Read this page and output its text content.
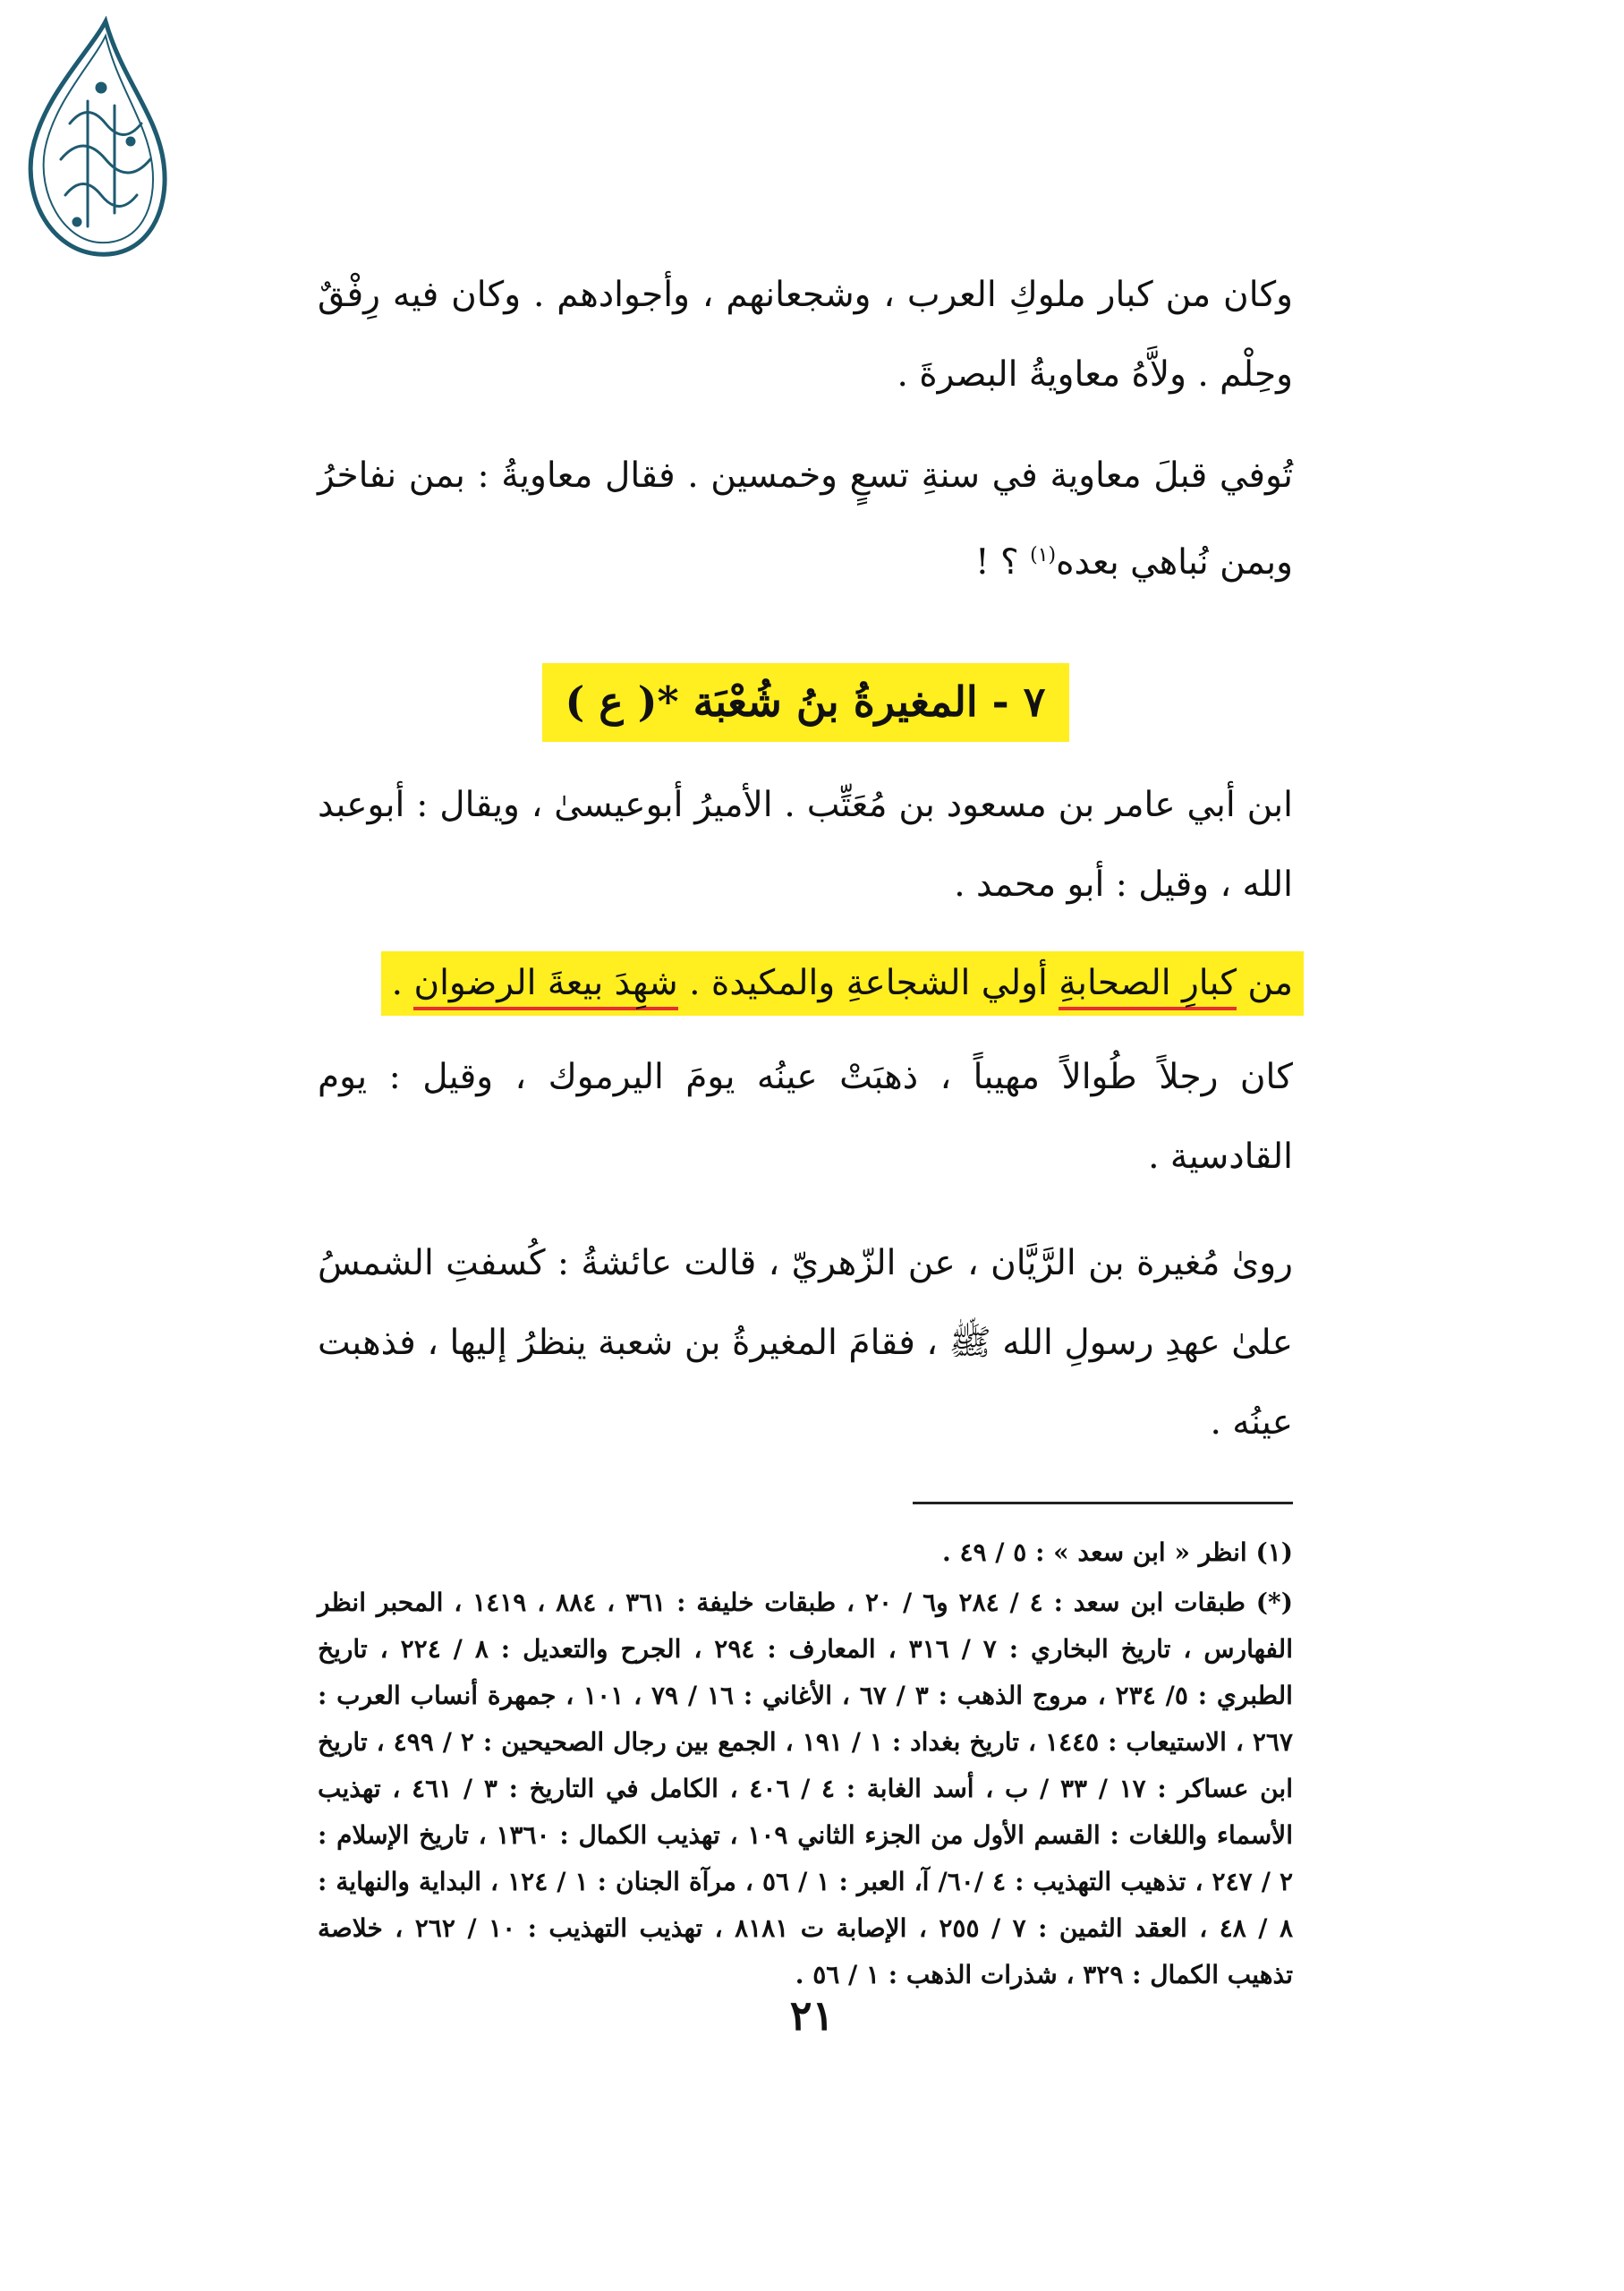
وكان من كبار ملوكِ العرب ، وشجعانهم ، وأجوادهم . وكان فيه رِفْقٌ وحِلْم . ولاَّهُ معاويةُ البصرةَ .

تُوفي قبلَ معاوية في سنةِ تسعٍ وخمسين . فقال معاويةُ : بمن نفاخرُ وبمن نُباهي بعده$^{(١)}$ ؟ !

٧ - المغيرةُ بنُ شُعْبَة *( ع )

ابن أبي عامر بن مسعود بن مُعَتِّب . الأميرُ أبوعيسىٰ ، ويقال : أبوعبد الله ، وقيل : أبو محمد .

من كبارِ الصحابةِ أولي الشجاعةِ والمكيدة . شهِدَ بيعةَ الرضوان .

كان رجلاً طُوالاً مهيباً ، ذهبَتْ عينُه يومَ اليرموك ، وقيل : يوم القادسية .

روىٰ مُغيرة بن الرَّيَّان ، عن الزّهريّ ، قالت عائشةُ : كُسفتِ الشمسُ علىٰ عهدِ رسولِ الله ﷺ ، فقامَ المغيرةُ بن شعبة ينظرُ إليها ، فذهبت عينُه .

(١) انظر « ابن سعد » : ٥ / ٤٩ .

(*) طبقات ابن سعد : ٤ / ٢٨٤ و٦ / ٢٠ ، طبقات خليفة : ٣٦١ ، ٨٨٤ ، ١٤١٩ ، المحبر انظر الفهارس ، تاريخ البخاري : ٧ / ٣١٦ ، المعارف : ٢٩٤ ، الجرح والتعديل : ٨ / ٢٢٤ ، تاريخ الطبري : ٥/ ٢٣٤ ، مروج الذهب : ٣ / ٦٧ ، الأغاني : ١٦ / ٧٩ ، ١٠١ ، جمهرة أنساب العرب : ٢٦٧ ، الاستيعاب : ١٤٤٥ ، تاريخ بغداد : ١ / ١٩١ ، الجمع بين رجال الصحيحين : ٢ / ٤٩٩ ، تاريخ ابن عساكر : ١٧ / ٣٣ / ب ، أسد الغابة : ٤ / ٤٠٦ ، الكامل في التاريخ : ٣ / ٤٦١ ، تهذيب الأسماء واللغات : القسم الأول من الجزء الثاني ١٠٩ ، تهذيب الكمال : ١٣٦٠ ، تاريخ الإسلام : ٢ / ٢٤٧ ، تذهيب التهذيب : ٤ /٦٠/ آ، العبر : ١ / ٥٦ ، مرآة الجنان : ١ / ١٢٤ ، البداية والنهاية : ٨ / ٤٨ ، العقد الثمين : ٧ / ٢٥٥ ، الإصابة ت ٨١٨١ ، تهذيب التهذيب : ١٠ / ٢٦٢ ، خلاصة تذهيب الكمال : ٣٢٩ ، شذرات الذهب : ١ / ٥٦ .

٢١
